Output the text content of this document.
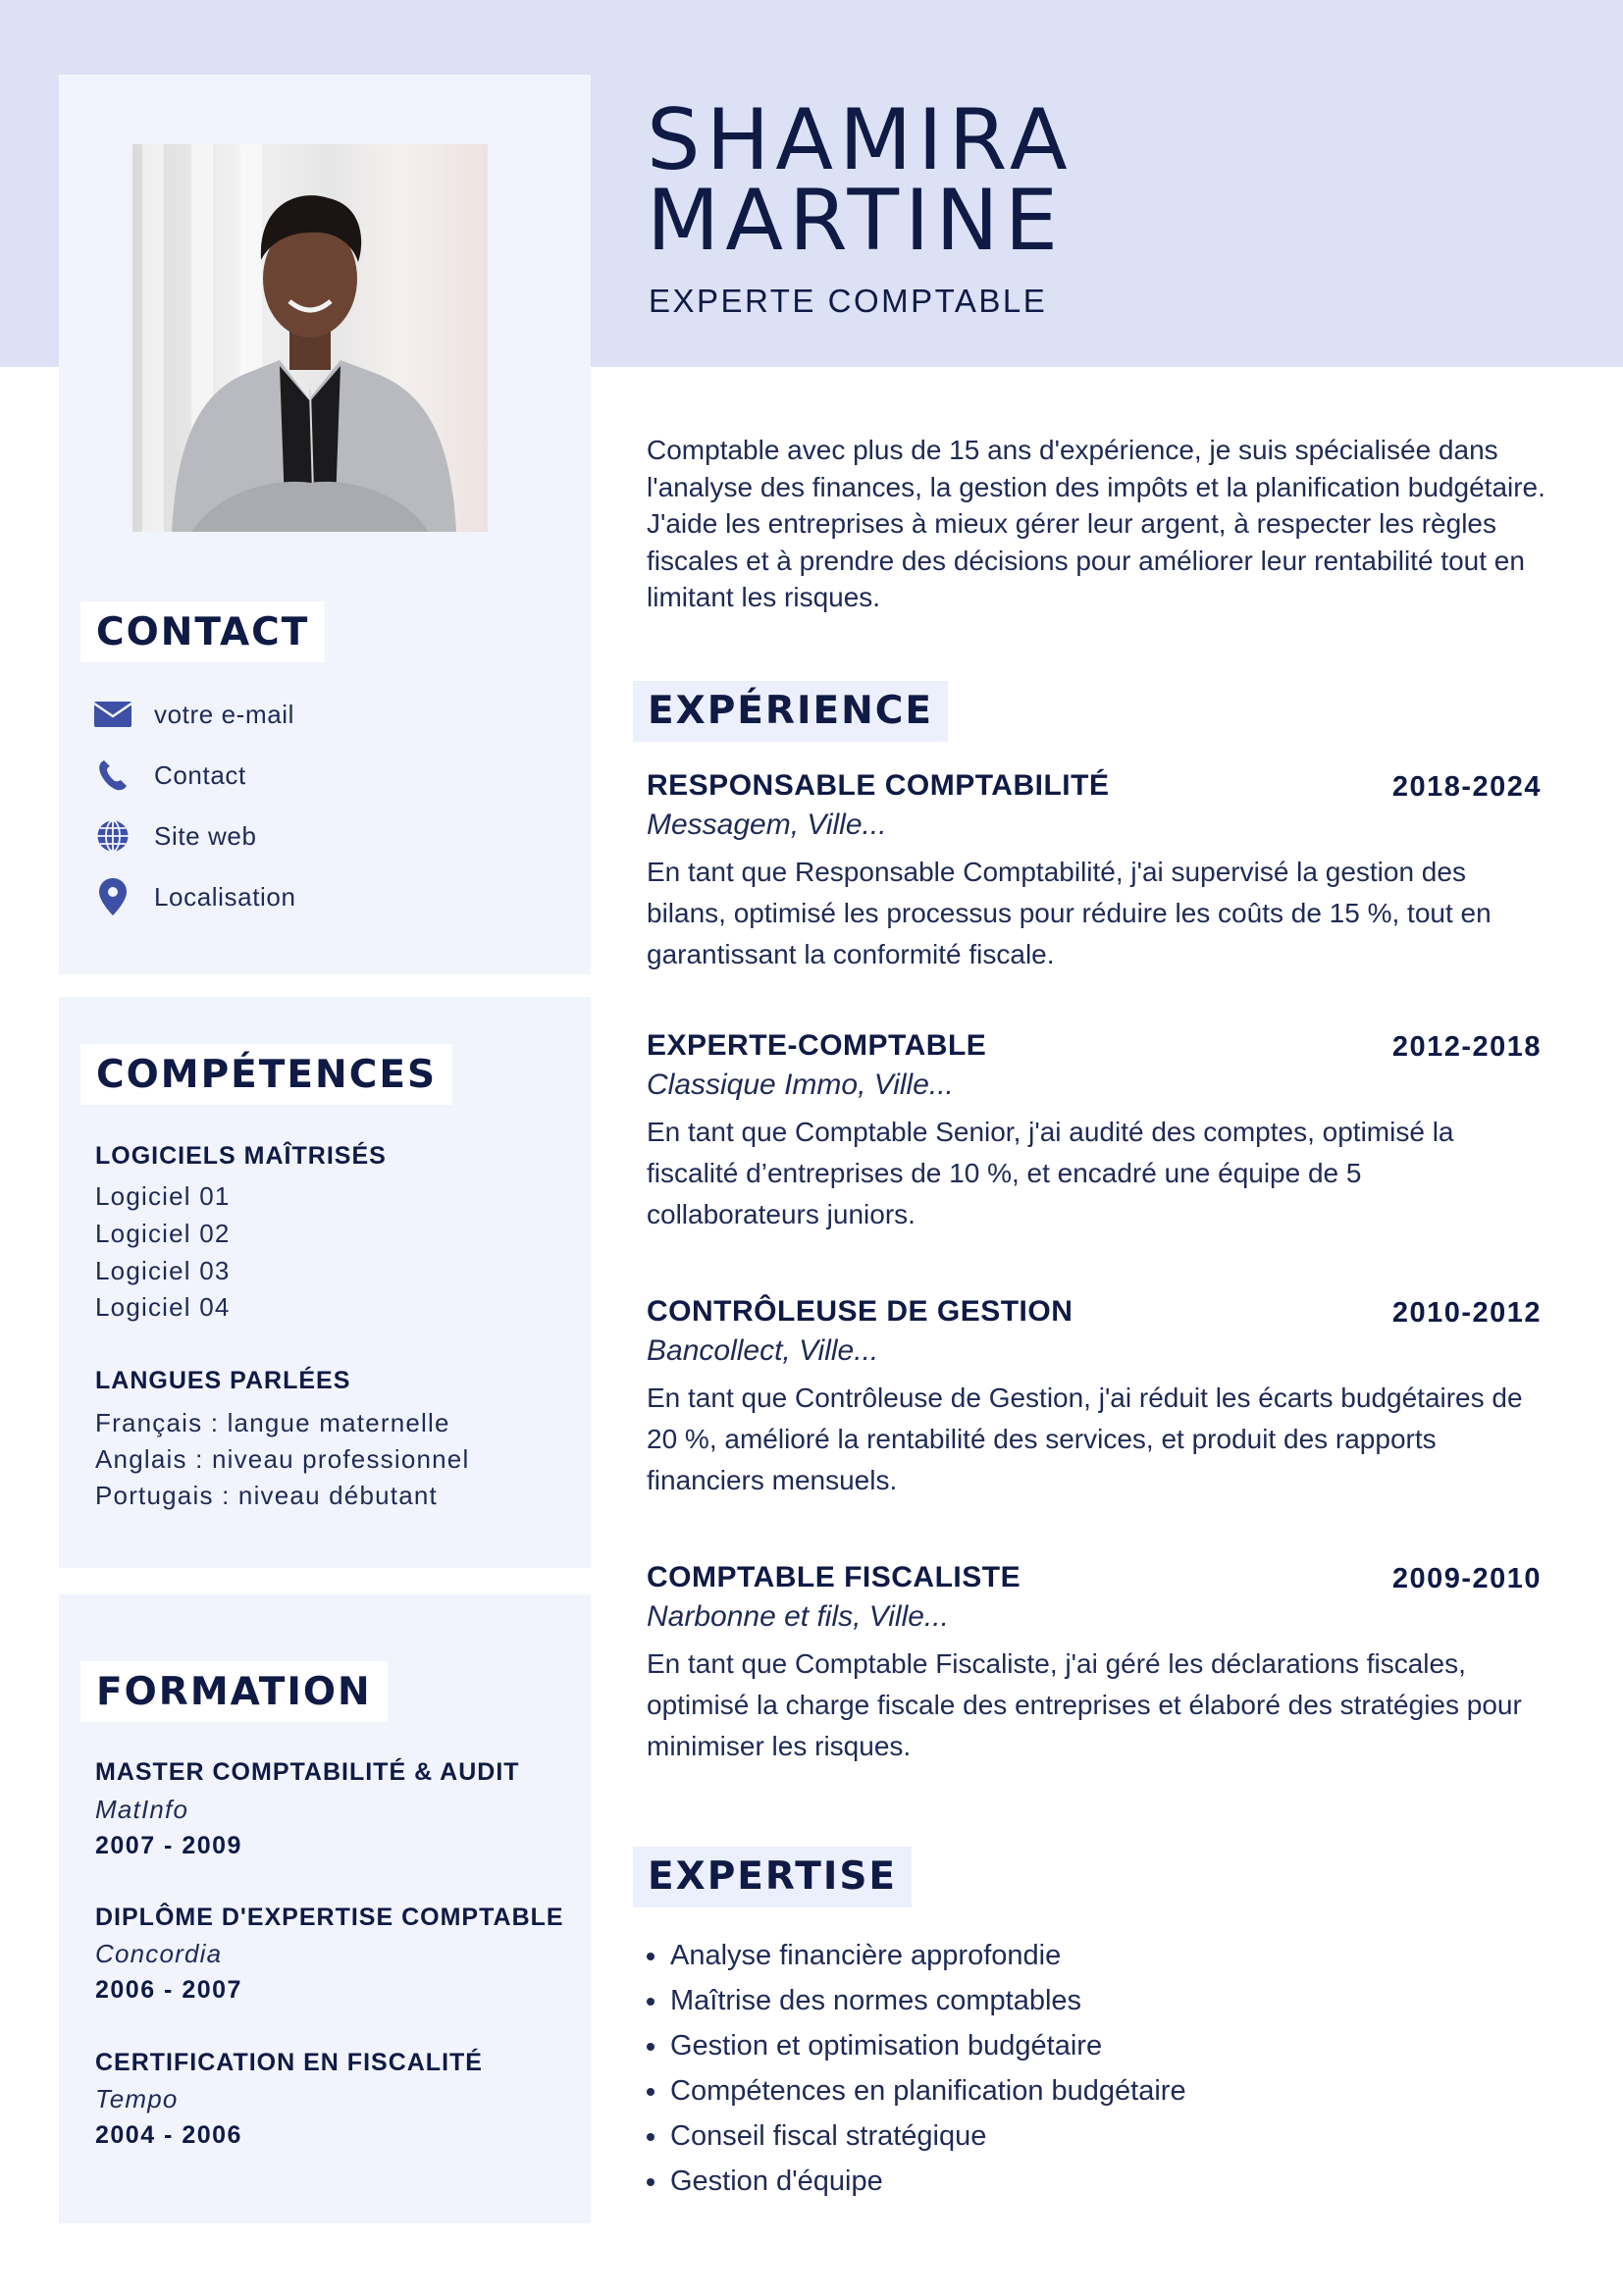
CONTACT
votre e-mail
Contact
Site web
Localisation
COMPÉTENCES
LOGICIELS MAÎTRISÉS
Logiciel 01
Logiciel 02
Logiciel 03
Logiciel 04
LANGUES PARLÉES
Français : langue maternelle
Anglais : niveau professionnel
Portugais : niveau débutant
FORMATION
MASTER COMPTABILITÉ & AUDIT
MatInfo
2007 - 2009
DIPLÔME D'EXPERTISE COMPTABLE
Concordia
2006 - 2007
CERTIFICATION EN FISCALITÉ
Tempo
2004 - 2006
SHAMIRA
MARTINE
EXPERTE COMPTABLE
Comptable avec plus de 15 ans d'expérience, je suis spécialisée dans l'analyse des finances, la gestion des impôts et la planification budgétaire. J'aide les entreprises à mieux gérer leur argent, à respecter les règles fiscales et à prendre des décisions pour améliorer leur rentabilité tout en limitant les risques.
EXPÉRIENCE
RESPONSABLE COMPTABILITÉ	2018-2024
Messagem, Ville...
En tant que Responsable Comptabilité, j'ai supervisé la gestion des bilans, optimisé les processus pour réduire les coûts de 15 %, tout en garantissant la conformité fiscale.
EXPERTE-COMPTABLE	2012-2018
Classique Immo, Ville...
En tant que Comptable Senior, j'ai audité des comptes, optimisé la fiscalité d’entreprises de 10 %, et encadré une équipe de 5 collaborateurs juniors.
CONTRÔLEUSE DE GESTION	2010-2012
Bancollect, Ville...
En tant que Contrôleuse de Gestion, j'ai réduit les écarts budgétaires de 20 %, amélioré la rentabilité des services, et produit des rapports financiers mensuels.
COMPTABLE FISCALISTE	2009-2010
Narbonne et fils, Ville...
En tant que Comptable Fiscaliste, j'ai géré les déclarations fiscales, optimisé la charge fiscale des entreprises et élaboré des stratégies pour minimiser les risques.
EXPERTISE
Analyse financière approfondie
Maîtrise des normes comptables
Gestion et optimisation budgétaire
Compétences en planification budgétaire
Conseil fiscal stratégique
Gestion d'équipe
